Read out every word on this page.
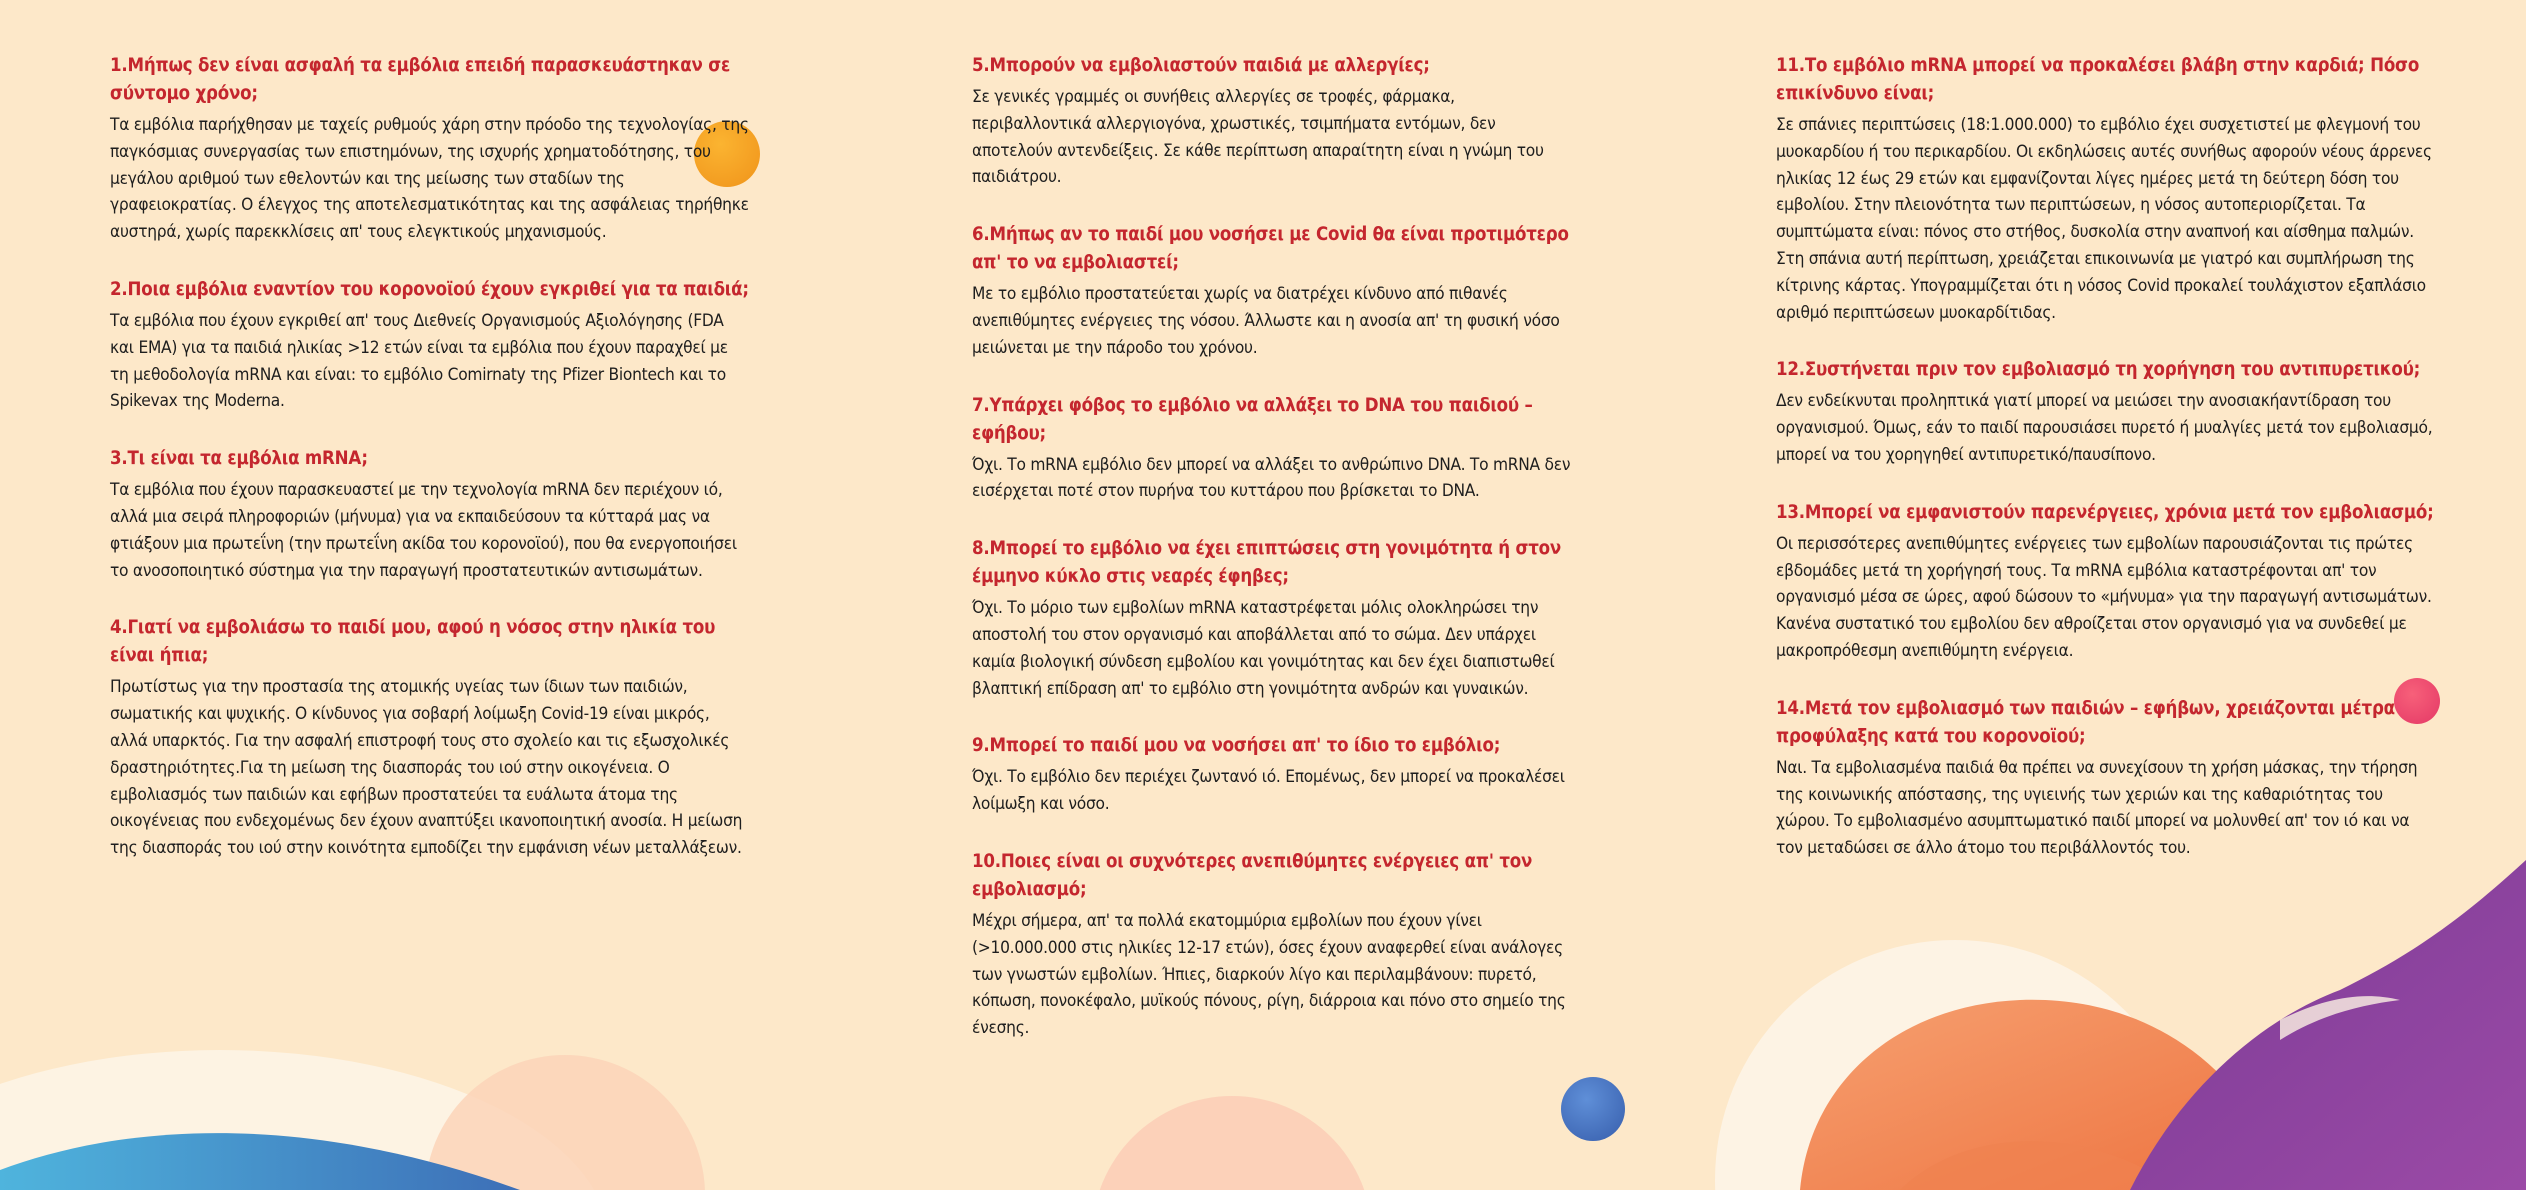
1.Μήπως δεν είναι ασφαλή τα εμβόλια επειδή παρασκευάστηκαν σε σύντομο χρόνο;

Τα εμβόλια παρήχθησαν με ταχείς ρυθμούς χάρη στην πρόοδο της τεχνολογίας, της παγκόσμιας συνεργασίας των επιστημόνων, της ισχυρής χρηματοδότησης, του μεγάλου αριθμού των εθελοντών και της μείωσης των σταδίων της γραφειοκρατίας. Ο έλεγχος της αποτελεσματικότητας και της ασφάλειας τηρήθηκε αυστηρά, χωρίς παρεκκλίσεις απ' τους ελεγκτικούς μηχανισμούς.

2.Ποια εμβόλια εναντίον του κορονοϊού έχουν εγκριθεί για τα παιδιά;

Τα εμβόλια που έχουν εγκριθεί απ' τους Διεθνείς Οργανισμούς Αξιολόγησης (FDA και EMA) για τα παιδιά ηλικίας >12 ετών είναι τα εμβόλια που έχουν παραχθεί με τη μεθοδολογία mRNA και είναι: το εμβόλιο Comirnaty της Pfizer Biontech και το Spikevax της Moderna.

3.Τι είναι τα εμβόλια mRNA;

Τα εμβόλια που έχουν παρασκευαστεί με την τεχνολογία mRNA δεν περιέχουν ιό, αλλά μια σειρά πληροφοριών (μήνυμα) για να εκπαιδεύσουν τα κύτταρά μας να φτιάξουν μια πρωτεΐνη (την πρωτεΐνη ακίδα του κορονοϊού), που θα ενεργοποιήσει το ανοσοποιητικό σύστημα για την παραγωγή προστατευτικών αντισωμάτων.

4.Γιατί να εμβολιάσω το παιδί μου, αφού η νόσος στην ηλικία του είναι ήπια;

Πρωτίστως για την προστασία της ατομικής υγείας των ίδιων των παιδιών, σωματικής και ψυχικής. Ο κίνδυνος για σοβαρή λοίμωξη Covid-19 είναι μικρός, αλλά υπαρκτός. Για την ασφαλή επιστροφή τους στο σχολείο και τις εξωσχολικές δραστηριότητες.Για τη μείωση της διασποράς του ιού στην οικογένεια. Ο εμβολιασμός των παιδιών και εφήβων προστατεύει τα ευάλωτα άτομα της οικογένειας που ενδεχομένως δεν έχουν αναπτύξει ικανοποιητική ανοσία. Η μείωση της διασποράς του ιού στην κοινότητα εμποδίζει την εμφάνιση νέων μεταλλάξεων.

5.Μπορούν να εμβολιαστούν παιδιά με αλλεργίες;

Σε γενικές γραμμές οι συνήθεις αλλεργίες σε τροφές, φάρμακα, περιβαλλοντικά αλλεργιογόνα, χρωστικές, τσιμπήματα εντόμων, δεν αποτελούν αντενδείξεις. Σε κάθε περίπτωση απαραίτητη είναι η γνώμη του παιδιάτρου.

6.Μήπως αν το παιδί μου νοσήσει με Covid θα είναι προτιμότερο απ' το να εμβολιαστεί;

Με το εμβόλιο προστατεύεται χωρίς να διατρέχει κίνδυνο από πιθανές ανεπιθύμητες ενέργειες της νόσου. Άλλωστε και η ανοσία απ' τη φυσική νόσο μειώνεται με την πάροδο του χρόνου.

7.Υπάρχει φόβος το εμβόλιο να αλλάξει το DNA του παιδιού – εφήβου;

Όχι. Το mRNA εμβόλιο δεν μπορεί να αλλάξει το ανθρώπινο DNA. Το mRNA δεν εισέρχεται ποτέ στον πυρήνα του κυττάρου που βρίσκεται το DNA.

8.Μπορεί το εμβόλιο να έχει επιπτώσεις στη γονιμότητα ή στον έμμηνο κύκλο στις νεαρές έφηβες;

Όχι. Το μόριο των εμβολίων mRNA καταστρέφεται μόλις ολοκληρώσει την αποστολή του στον οργανισμό και αποβάλλεται από το σώμα. Δεν υπάρχει καμία βιολογική σύνδεση εμβολίου και γονιμότητας και δεν έχει διαπιστωθεί βλαπτική επίδραση απ' το εμβόλιο στη γονιμότητα ανδρών και γυναικών.

9.Μπορεί το παιδί μου να νοσήσει απ' το ίδιο το εμβόλιο;

Όχι. Το εμβόλιο δεν περιέχει ζωντανό ιό. Επομένως, δεν μπορεί να προκαλέσει λοίμωξη και νόσο.

10.Ποιες είναι οι συχνότερες ανεπιθύμητες ενέργειες απ' τον εμβολιασμό;

Μέχρι σήμερα, απ' τα πολλά εκατομμύρια εμβολίων που έχουν γίνει (>10.000.000 στις ηλικίες 12-17 ετών), όσες έχουν αναφερθεί είναι ανάλογες των γνωστών εμβολίων. Ήπιες, διαρκούν λίγο και περιλαμβάνουν: πυρετό, κόπωση, πονοκέφαλο, μυϊκούς πόνους, ρίγη, διάρροια και πόνο στο σημείο της ένεσης.

11.Το εμβόλιο mRNA μπορεί να προκαλέσει βλάβη στην καρδιά; Πόσο επικίνδυνο είναι;

Σε σπάνιες περιπτώσεις (18:1.000.000) το εμβόλιο έχει συσχετιστεί με φλεγμονή του μυοκαρδίου ή του περικαρδίου. Οι εκδηλώσεις αυτές συνήθως αφορούν νέους άρρενες ηλικίας 12 έως 29 ετών και εμφανίζονται λίγες ημέρες μετά τη δεύτερη δόση του εμβολίου. Στην πλειονότητα των περιπτώσεων, η νόσος αυτοπεριορίζεται. Τα συμπτώματα είναι: πόνος στο στήθος, δυσκολία στην αναπνοή και αίσθημα παλμών. Στη σπάνια αυτή περίπτωση, χρειάζεται επικοινωνία με γιατρό και συμπλήρωση της κίτρινης κάρτας. Υπογραμμίζεται ότι η νόσος Covid προκαλεί τουλάχιστον εξαπλάσιο αριθμό περιπτώσεων μυοκαρδίτιδας.

12.Συστήνεται πριν τον εμβολιασμό τη χορήγηση του αντιπυρετικού;

Δεν ενδείκνυται προληπτικά γιατί μπορεί να μειώσει την ανοσιακήαντίδραση του οργανισμού. Όμως, εάν το παιδί παρουσιάσει πυρετό ή μυαλγίες μετά τον εμβολιασμό, μπορεί να του χορηγηθεί αντιπυρετικό/παυσίπονο.

13.Μπορεί να εμφανιστούν παρενέργειες, χρόνια μετά τον εμβολιασμό;

Οι περισσότερες ανεπιθύμητες ενέργειες των εμβολίων παρουσιάζονται τις πρώτες εβδομάδες μετά τη χορήγησή τους. Τα mRNA εμβόλια καταστρέφονται απ' τον οργανισμό μέσα σε ώρες, αφού δώσουν το «μήνυμα» για την παραγωγή αντισωμάτων. Κανένα συστατικό του εμβολίου δεν αθροίζεται στον οργανισμό για να συνδεθεί με μακροπρόθεσμη ανεπιθύμητη ενέργεια.

14.Μετά τον εμβολιασμό των παιδιών – εφήβων, χρειάζονται μέτρα προφύλαξης κατά του κορονοϊού;

Ναι. Τα εμβολιασμένα παιδιά θα πρέπει να συνεχίσουν τη χρήση μάσκας, την τήρηση της κοινωνικής απόστασης, της υγιεινής των χεριών και της καθαριότητας του χώρου. Το εμβολιασμένο ασυμπτωματικό παιδί μπορεί να μολυνθεί απ' τον ιό και να τον μεταδώσει σε άλλο άτομο του περιβάλλοντός του.
